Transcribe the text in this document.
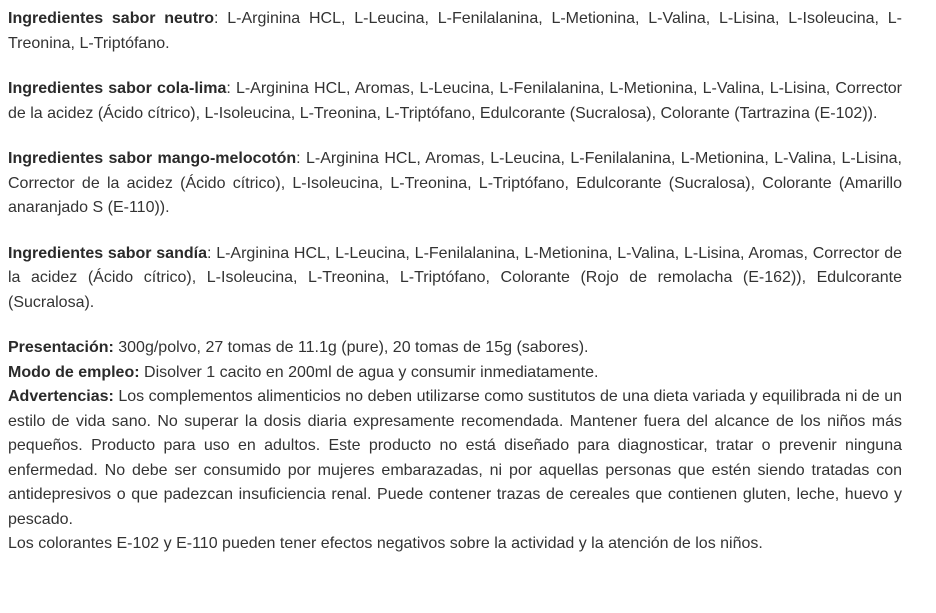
Ingredientes sabor neutro: L-Arginina HCL, L-Leucina, L-Fenilalanina, L-Metionina, L-Valina, L-Lisina, L-Isoleucina, L-Treonina, L-Triptófano.

Ingredientes sabor cola-lima: L-Arginina HCL, Aromas, L-Leucina, L-Fenilalanina, L-Metionina, L-Valina, L-Lisina, Corrector de la acidez (Ácido cítrico), L-Isoleucina, L-Treonina, L-Triptófano, Edulcorante (Sucralosa), Colorante (Tartrazina (E-102)).

Ingredientes sabor mango-melocotón: L-Arginina HCL, Aromas, L-Leucina, L-Fenilalanina, L-Metionina, L-Valina, L-Lisina, Corrector de la acidez (Ácido cítrico), L-Isoleucina, L-Treonina, L-Triptófano, Edulcorante (Sucralosa), Colorante (Amarillo anaranjado S (E-110)).

Ingredientes sabor sandía: L-Arginina HCL, L-Leucina, L-Fenilalanina, L-Metionina, L-Valina, L-Lisina, Aromas, Corrector de la acidez (Ácido cítrico), L-Isoleucina, L-Treonina, L-Triptófano, Colorante (Rojo de remolacha (E-162)), Edulcorante (Sucralosa).

Presentación: 300g/polvo, 27 tomas de 11.1g (pure), 20 tomas de 15g (sabores).

Modo de empleo: Disolver 1 cacito en 200ml de agua y consumir inmediatamente.

Advertencias: Los complementos alimenticios no deben utilizarse como sustitutos de una dieta variada y equilibrada ni de un estilo de vida sano. No superar la dosis diaria expresamente recomendada. Mantener fuera del alcance de los niños más pequeños. Producto para uso en adultos. Este producto no está diseñado para diagnosticar, tratar o prevenir ninguna enfermedad. No debe ser consumido por mujeres embarazadas, ni por aquellas personas que estén siendo tratadas con antidepresivos o que padezcan insuficiencia renal. Puede contener trazas de cereales que contienen gluten, leche, huevo y pescado.

Los colorantes E-102 y E-110 pueden tener efectos negativos sobre la actividad y la atención de los niños.
